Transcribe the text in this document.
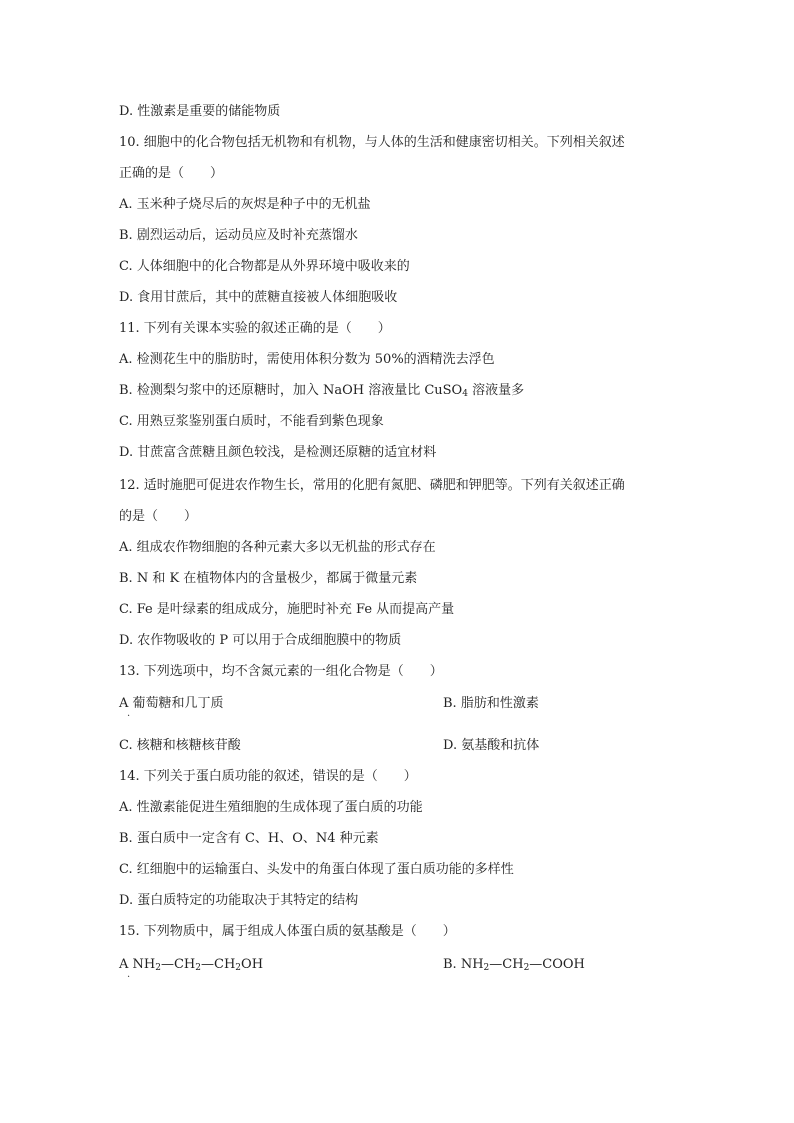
D. 性激素是重要的储能物质
10. 细胞中的化合物包括无机物和有机物，与人体的生活和健康密切相关。下列相关叙述
正确的是（　　）
A. 玉米种子烧尽后的灰烬是种子中的无机盐
B. 剧烈运动后，运动员应及时补充蒸馏水
C. 人体细胞中的化合物都是从外界环境中吸收来的
D. 食用甘蔗后，其中的蔗糖直接被人体细胞吸收
11. 下列有关课本实验的叙述正确的是（　　）
A. 检测花生中的脂肪时，需使用体积分数为 50%的酒精洗去浮色
B. 检测梨匀浆中的还原糖时，加入 NaOH 溶液量比 CuSO$_4$ 溶液量多
C. 用熟豆浆鉴别蛋白质时，不能看到紫色现象
D. 甘蔗富含蔗糖且颜色较浅，是检测还原糖的适宜材料
12. 适时施肥可促进农作物生长，常用的化肥有氮肥、磷肥和钾肥等。下列有关叙述正确
的是（　　）
A. 组成农作物细胞的各种元素大多以无机盐的形式存在
B. N 和 K 在植物体内的含量极少，都属于微量元素
C. Fe 是叶绿素的组成成分，施肥时补充 Fe 从而提高产量
D. 农作物吸收的 P 可以用于合成细胞膜中的物质
13. 下列选项中，均不含氮元素的一组化合物是（　　）
A 葡萄糖和几丁质
·
B. 脂肪和性激素
C. 核糖和核糖核苷酸	D. 氨基酸和抗体
14. 下列关于蛋白质功能的叙述，错误的是（　　）
A. 性激素能促进生殖细胞的生成体现了蛋白质的功能
B. 蛋白质中一定含有 C、H、O、N4 种元素
C. 红细胞中的运输蛋白、头发中的角蛋白体现了蛋白质功能的多样性
D. 蛋白质特定的功能取决于其特定的结构
15. 下列物质中，属于组成人体蛋白质的氨基酸是（　　）
A $NH_2—CH_2—CH_2OH$
·
B. $NH_2—CH_2—COOH$
